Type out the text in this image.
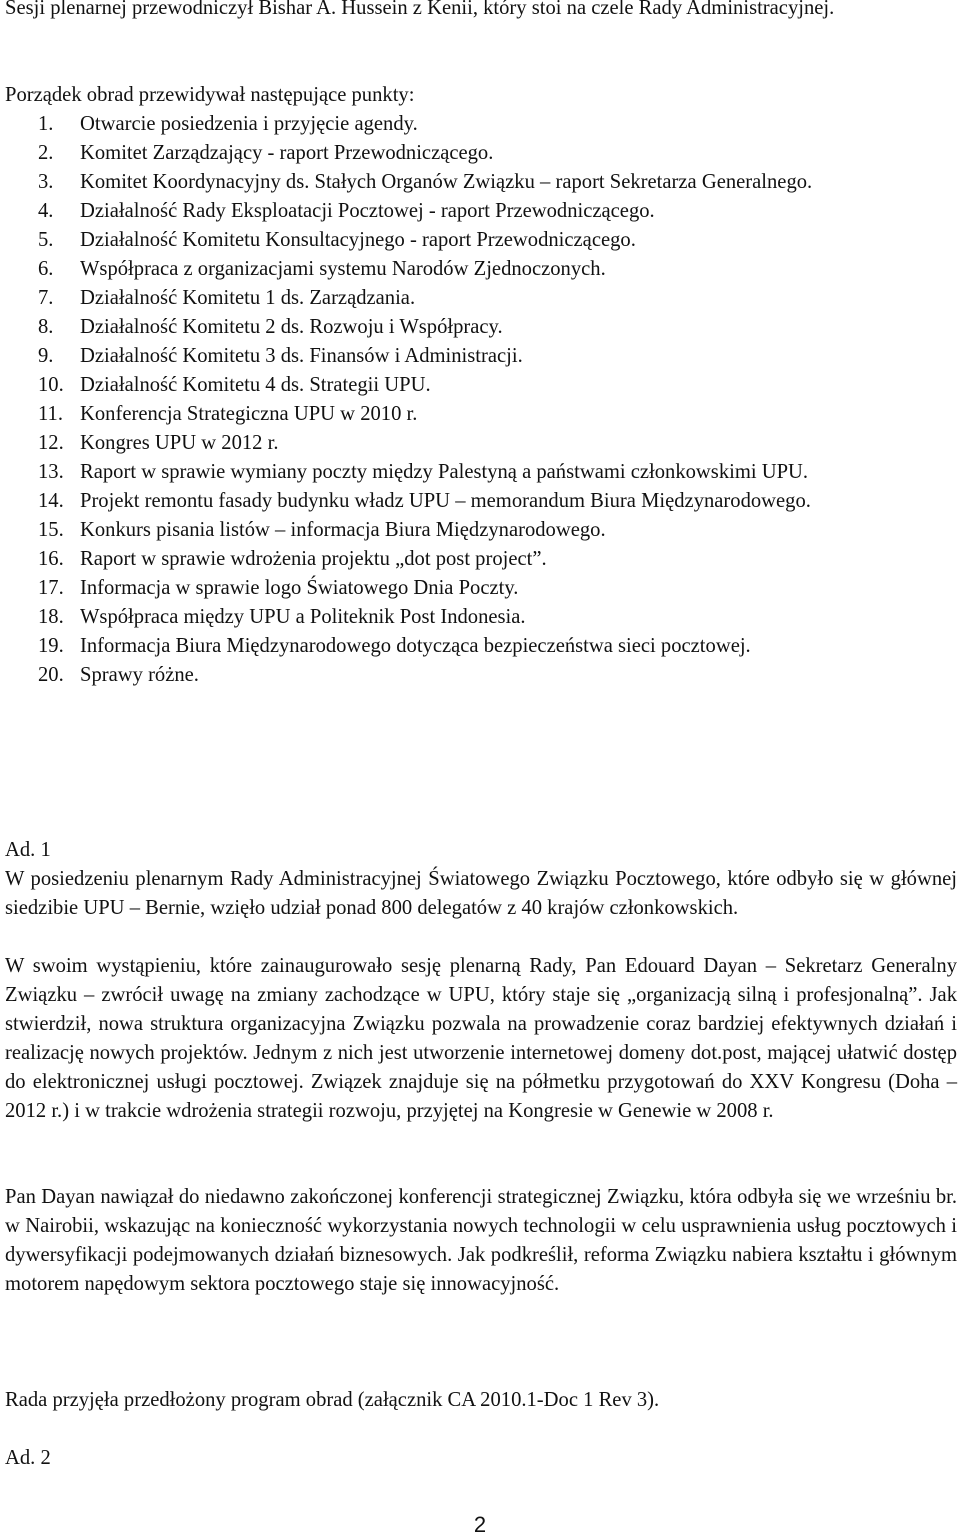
Sesji plenarnej przewodniczył Bishar A. Hussein z Kenii, który stoi na czele Rady Administracyjnej.

Porządek obrad przewidywał następujące punkty:

1.	Otwarcie posiedzenia i przyjęcie agendy.
2.	Komitet Zarządzający - raport Przewodniczącego.
3.	Komitet Koordynacyjny ds. Stałych Organów Związku – raport Sekretarza Generalnego.
4.	Działalność Rady Eksploatacji Pocztowej - raport Przewodniczącego.
5.	Działalność Komitetu Konsultacyjnego - raport Przewodniczącego.
6.	Współpraca z organizacjami systemu Narodów Zjednoczonych.
7.	Działalność Komitetu 1 ds. Zarządzania.
8.	Działalność Komitetu 2 ds. Rozwoju i Współpracy.
9.	Działalność Komitetu 3 ds. Finansów i Administracji.
10. Działalność Komitetu 4 ds. Strategii UPU.
11. Konferencja Strategiczna UPU w 2010 r.
12. Kongres UPU w 2012 r.
13. Raport w sprawie wymiany poczty między Palestyną a państwami członkowskimi UPU.
14. Projekt remontu fasady budynku władz UPU – memorandum Biura Międzynarodowego.
15. Konkurs pisania listów – informacja Biura Międzynarodowego.
16. Raport w sprawie wdrożenia projektu „dot post project”.
17. Informacja w sprawie logo Światowego Dnia Poczty.
18. Współpraca między UPU a Politeknik Post Indonesia.
19. Informacja Biura Międzynarodowego dotycząca bezpieczeństwa sieci pocztowej.
20. Sprawy różne.

Ad. 1

W posiedzeniu plenarnym Rady Administracyjnej Światowego Związku Pocztowego, które odbyło się w głównej siedzibie UPU – Bernie, wzięło udział ponad 800 delegatów z 40 krajów członkowskich.

W swoim wystąpieniu, które zainaugurowało sesję plenarną Rady, Pan Edouard Dayan – Sekretarz Generalny Związku – zwrócił uwagę na zmiany zachodzące w UPU, który staje się „organizacją silną i profesjonalną”. Jak stwierdził, nowa struktura organizacyjna Związku pozwala na prowadzenie coraz bardziej efektywnych działań i realizację nowych projektów. Jednym z nich jest utworzenie internetowej domeny dot.post, mającej ułatwić dostęp do elektronicznej usługi pocztowej. Związek znajduje się na półmetku przygotowań do XXV Kongresu (Doha – 2012 r.) i w trakcie wdrożenia strategii rozwoju, przyjętej na Kongresie w Genewie w 2008 r.

Pan Dayan nawiązał do niedawno zakończonej konferencji strategicznej Związku, która odbyła się we wrześniu br. w Nairobii, wskazując na konieczność wykorzystania nowych technologii w celu usprawnienia usług pocztowych i dywersyfikacji podejmowanych działań biznesowych. Jak podkreślił, reforma Związku nabiera kształtu i głównym motorem napędowym sektora pocztowego staje się innowacyjność.

Rada przyjęła przedłożony program obrad (załącznik CA 2010.1-Doc 1 Rev 3).

Ad. 2

2
